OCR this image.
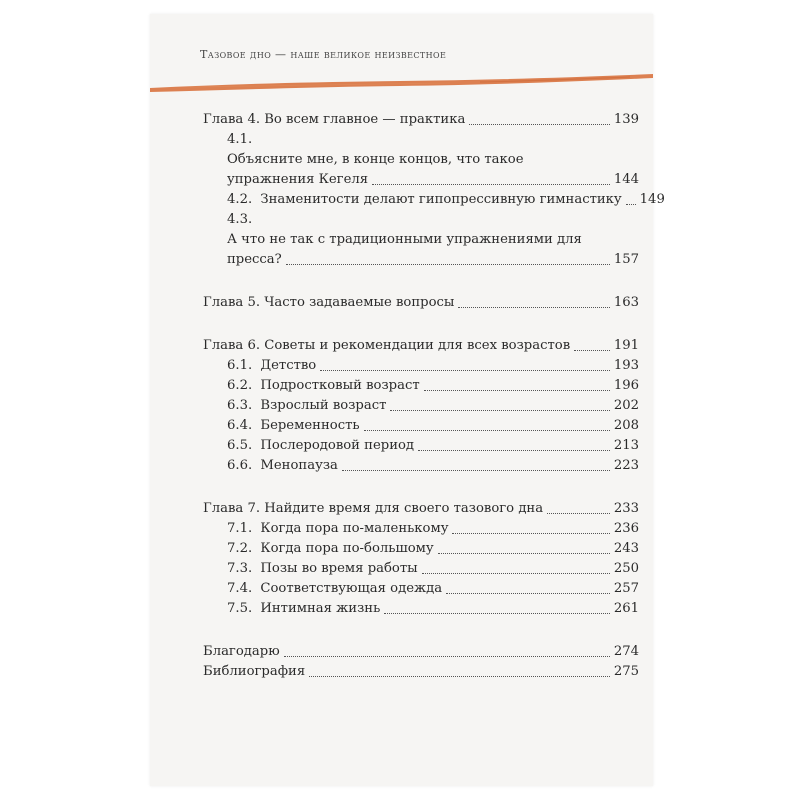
Тазовое дно — наше великое неизвестное
Глава 4. Во всем главное — практика	139
4.1.
Объясните мне, в конце концов, что такое
упражнения Кегеля	144
4.2. Знаменитости делают гипопрессивную гимнастику 149
4.3.
А что не так с традиционными упражнениями для
пресса?	157
Глава 5. Часто задаваемые вопросы	163
Глава 6. Советы и рекомендации для всех возрастов	191
6.1. Детство	193
6.2. Подростковый возраст	196
6.3. Взрослый возраст	202
6.4. Беременность	208
6.5. Послеродовой период	213
6.6. Менопауза	223
Глава 7. Найдите время для своего тазового дна	233
7.1. Когда пора по-маленькому	236
7.2. Когда пора по-большому	243
7.3. Позы во время работы	250
7.4. Соответствующая одежда	257
7.5. Интимная жизнь	261
Благодарю	274
Библиография	275
